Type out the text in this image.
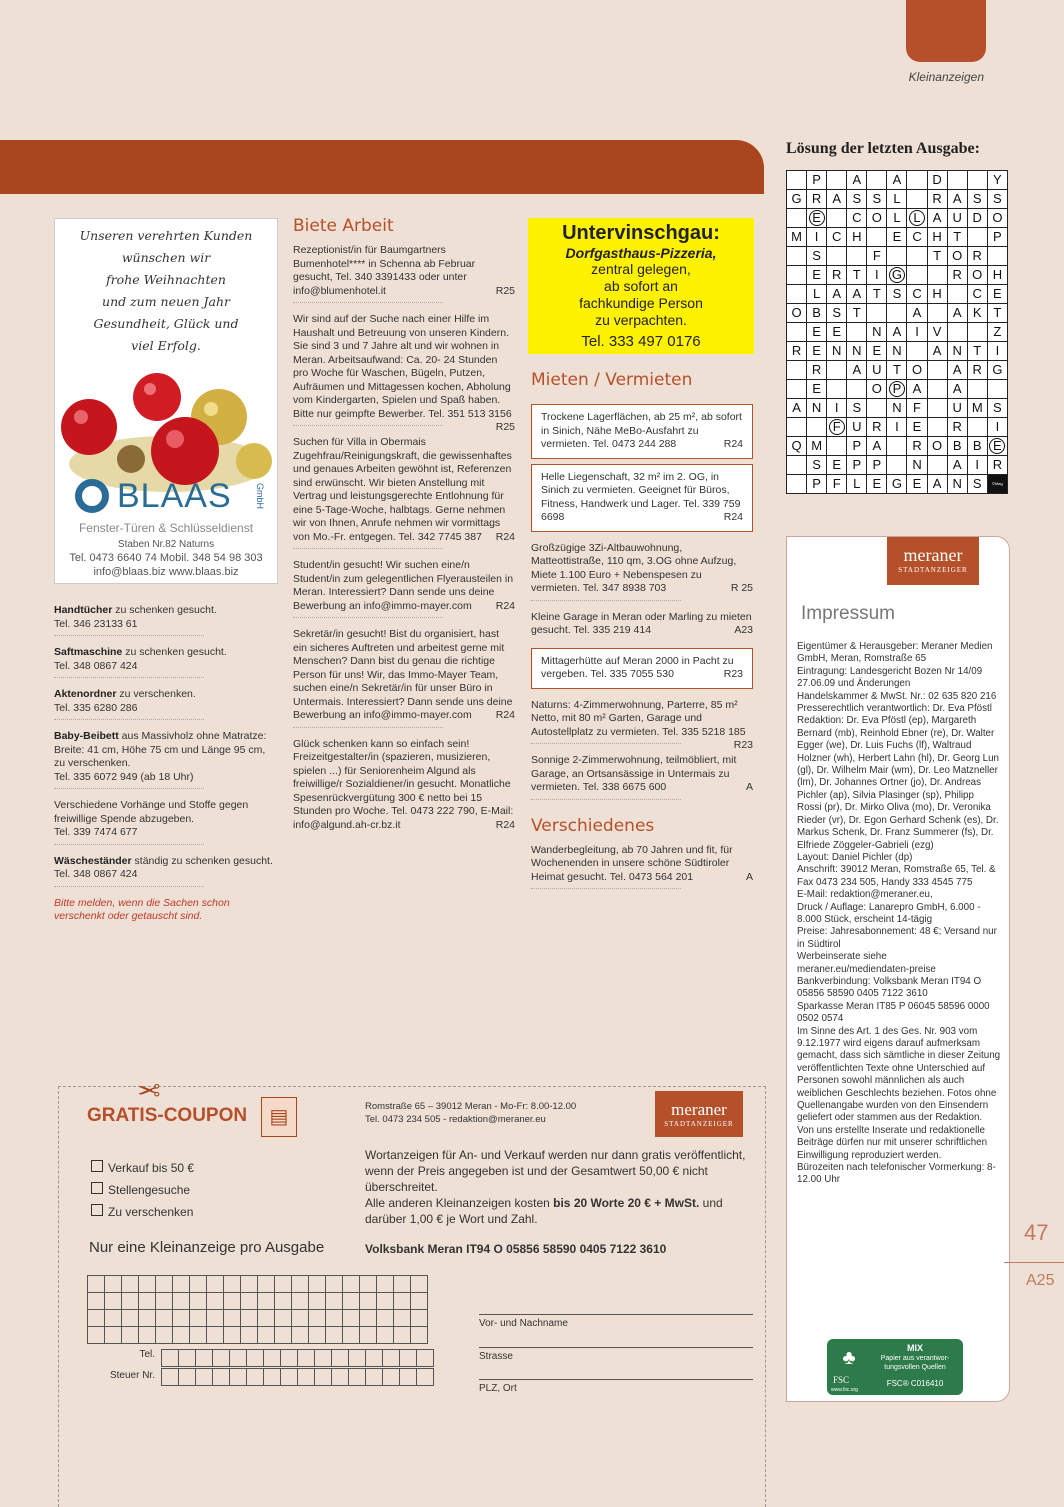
Kleinanzeigen
Lösung der letzten Ausgabe:
	P		A		A		D			Y
G	R	A	S	S	L		R	A	S	S
	E		C	O	L	L	A	U	D	O
M	I	C	H		E	C	H	T		P
	S			F			T	O	R	
	E	R	T	I	G			R	O	H
	L	A	A	T	S	C	H		C	E
O	B	S	T			A		A	K	T
	E	E		N	A	I	V			Z
R	E	N	N	E	N		A	N	T	I
	R		A	U	T	O		A	R	G
	E			O	P	A		A		
A	N	I	S		N	F		U	M	S
		F	U	R	I	E		R		I
Q	M		P	A		R	O	B	B	E
	S	E	P	P		N		A	I	R
	P	F	L	E	G	E	A	N	S	©Mag
Unseren verehrten Kunden
wünschen wir
frohe Weihnachten
und zum neuen Jahr
Gesundheit, Glück und
viel Erfolg.
BLAAS	GmbH
Fenster-Türen & Schlüsseldienst
Staben Nr.82 Naturns
Tel. 0473 6640 74 Mobil. 348 54 98 303
info@blaas.biz www.blaas.biz
Handtücher zu schenken gesucht.
Tel. 346 23133 61
Saftmaschine zu schenken gesucht.
Tel. 348 0867 424
Aktenordner zu verschenken.
Tel. 335 6280 286
Baby-Beibett aus Massivholz ohne Matratze: Breite: 41 cm, Höhe 75 cm und Länge 95 cm, zu verschenken.
Tel. 335 6072 949 (ab 18 Uhr)
Verschiedene Vorhänge und Stoffe gegen freiwillige Spende abzugeben.
Tel. 339 7474 677
Wäscheständer ständig zu schenken gesucht. Tel. 348 0867 424
Bitte melden, wenn die Sachen schon verschenkt oder getauscht sind.
Biete Arbeit
Rezeptionist/in für Baumgartners Bumenhotel**** in Schenna ab Februar gesucht, Tel. 340 3391433 oder unter info@blumenhotel.it	R25
Wir sind auf der Suche nach einer Hilfe im Haushalt und Betreuung von unseren Kindern. Sie sind 3 und 7 Jahre alt und wir wohnen in Meran. Arbeitsaufwand: Ca. 20- 24 Stunden pro Woche für Waschen, Bügeln, Putzen, Aufräumen und Mittagessen kochen, Abholung vom Kindergarten, Spielen und Spaß haben. Bitte nur geimpfte Bewerber. Tel. 351 513 3156
R25
Suchen für Villa in Obermais Zugehfrau/Reinigungskraft, die gewissenhaftes und genaues Arbeiten gewöhnt ist, Referenzen sind erwünscht. Wir bieten Anstellung mit Vertrag und leistungsgerechte Entlohnung für eine 5-Tage-Woche, halbtags. Gerne nehmen wir von Ihnen, Anrufe nehmen wir vormittags von Mo.-Fr. entgegen. Tel. 342 7745 387 R24
Student/in gesucht! Wir suchen eine/n Student/in zum gelegentlichen Flyerausteilen in Meran. Interessiert? Dann sende uns deine Bewerbung an info@immo-mayer.com R24
Sekretär/in gesucht! Bist du organisiert, hast ein sicheres Auftreten und arbeitest gerne mit Menschen? Dann bist du genau die richtige Person für uns! Wir, das Immo-Mayer Team, suchen eine/n Sekretär/in für unser Büro in Untermais. Interessiert? Dann sende uns deine Bewerbung an info@immo-mayer.com R24
Glück schenken kann so einfach sein! Freizeitgestalter/in (spazieren, musizieren, spielen ...) für Seniorenheim Algund als freiwillige/r Sozialdiener/in gesucht. Monatliche Spesenrückvergütung 300 € netto bei 15 Stunden pro Woche. Tel. 0473 222 790, E-Mail: info@algund.ah-cr.bz.it	R24
Untervinschgau:
Dorfgasthaus-Pizzeria,
zentral gelegen,
ab sofort an
fachkundige Person
zu verpachten.
Tel. 333 497 0176
Mieten / Vermieten
Trockene Lagerflächen, ab 25 m², ab sofort in Sinich, Nähe MeBo-Ausfahrt zu vermieten. Tel. 0473 244 288	R24
Helle Liegenschaft, 32 m² im 2. OG, in Sinich zu vermieten. Geeignet für Büros, Fitness, Handwerk und Lager. Tel. 339 759 6698	R24
Großzügige 3Zi-Altbauwohnung, Matteottistraße, 110 qm, 3.OG ohne Aufzug, Miete 1.100 Euro + Nebenspesen zu vermieten. Tel. 347 8938 703	R 25
Kleine Garage in Meran oder Marling zu mieten gesucht. Tel. 335 219 414	A23
Mittagerhütte auf Meran 2000 in Pacht zu vergeben. Tel. 335 7055 530	R23
Naturns: 4-Zimmerwohnung, Parterre, 85 m² Netto, mit 80 m² Garten, Garage und Autostellplatz zu vermieten. Tel. 335 5218 185
R23
Sonnige 2-Zimmerwohnung, teilmöbliert, mit Garage, an Ortsansässige in Untermais zu vermieten. Tel. 338 6675 600	A
Verschiedenes
Wanderbegleitung, ab 70 Jahren und fit, für Wochenenden in unsere schöne Südtiroler Heimat gesucht. Tel. 0473 564 201	A
meraner
STADTANZEIGER
Impressum
Eigentümer & Herausgeber: Meraner Medien GmbH, Meran, Romstraße 65
Eintragung: Landesgericht Bozen Nr 14/09 27.06.09 und Änderungen
Handelskammer & MwSt. Nr.: 02 635 820 216
Presserechtlich verantwortlich: Dr. Eva Pföstl
Redaktion: Dr. Eva Pföstl (ep), Margareth Bernard (mb), Reinhold Ebner (re), Dr. Walter Egger (we), Dr. Luis Fuchs (lf), Waltraud Holzner (wh), Herbert Lahn (hl), Dr. Georg Lun (gl), Dr. Wilhelm Mair (wm), Dr. Leo Matzneller (lm), Dr. Johannes Ortner (jo), Dr. Andreas Pichler (ap), Silvia Plasinger (sp), Philipp Rossi (pr), Dr. Mirko Oliva (mo), Dr. Veronika Rieder (vr), Dr. Egon Gerhard Schenk (es), Dr. Markus Schenk, Dr. Franz Summerer (fs), Dr. Elfriede Zöggeler-Gabrieli (ezg)
Layout: Daniel Pichler (dp)
Anschrift: 39012 Meran, Romstraße 65, Tel. & Fax 0473 234 505, Handy 333 4545 775
E-Mail: redaktion@meraner.eu,
Druck / Auflage: Lanarepro GmbH, 6.000 - 8.000 Stück, erscheint 14-tägig
Preise: Jahresabonnement: 48 €; Versand nur in Südtirol
Werbeinserate siehe meraner.eu/mediendaten-preise
Bankverbindung: Volksbank Meran IT94 O 05856 58590 0405 7122 3610
Sparkasse Meran IT85 P 06045 58596 0000 0502 0574
Im Sinne des Art. 1 des Ges. Nr. 903 vom 9.12.1977 wird eigens darauf aufmerksam gemacht, dass sich sämtliche in dieser Zeitung veröffentlichten Texte ohne Unterschied auf Personen sowohl männlichen als auch weiblichen Geschlechts beziehen. Fotos ohne Quellenangabe wurden von den Einsendern geliefert oder stammen aus der Redaktion. Von uns erstellte Inserate und redaktionelle Beiträge dürfen nur mit unserer schriftlichen Einwilligung reproduziert werden.
Bürozeiten nach telefonischer Vormerkung: 8-12.00 Uhr
♣
FSC
www.fsc.org
MIX
Papier aus verantwor-
tungsvollen Quellen
FSC® C016410
47
A25
✂
GRATIS-COUPON	▤
Verkauf bis 50 €
Stellengesuche
Zu verschenken
Romstraße 65 – 39012 Meran - Mo-Fr: 8.00-12.00
Tel. 0473 234 505 - redaktion@meraner.eu
meraner
STADTANZEIGER
Wortanzeigen für An- und Verkauf werden nur dann gratis veröffentlicht, wenn der Preis angegeben ist und der Gesamtwert 50,00 € nicht überschreitet.
Alle anderen Kleinanzeigen kosten bis 20 Worte 20 € + MwSt. und darüber 1,00 € je Wort und Zahl.
Nur eine Kleinanzeige pro Ausgabe	Volksbank Meran IT94 O 05856 58590 0405 7122 3610

Tel.
Steuer Nr.

Vor- und Nachname
Strasse
PLZ, Ort
